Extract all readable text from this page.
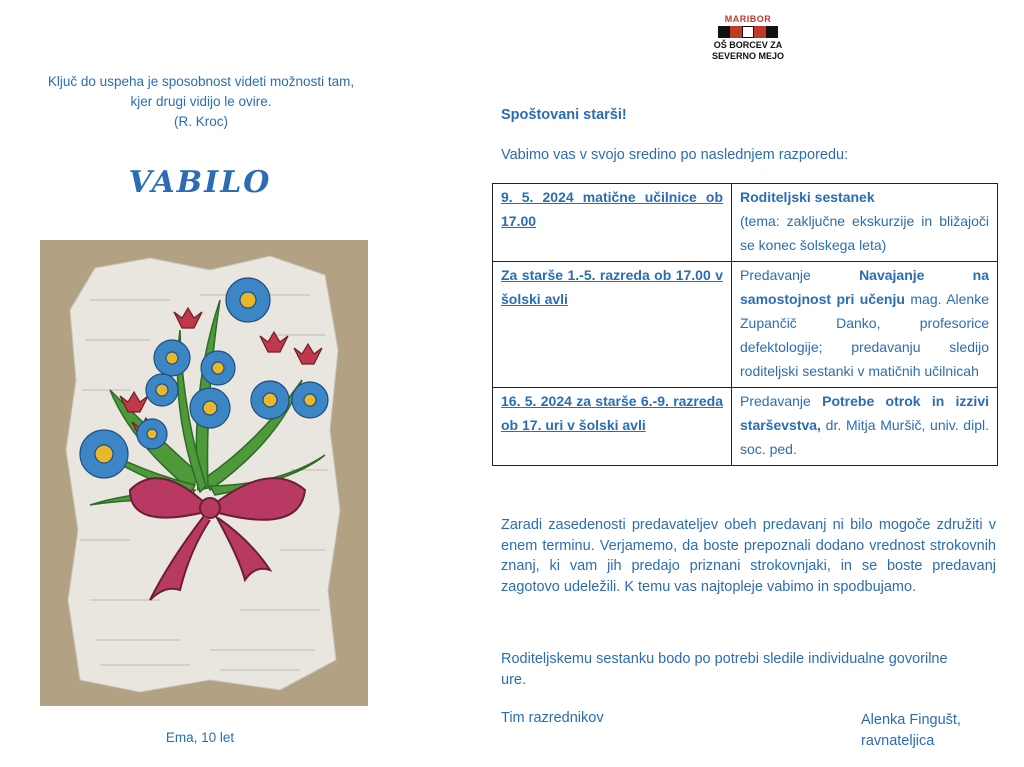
Ključ do uspeha je sposobnost videti možnosti tam,
kjer drugi vidijo le ovire.
(R. Kroc)
VABILO
Ema, 10 let
MARIBOR
OŠ BORCEV ZA
SEVERNO MEJO
Spoštovani starši!
Vabimo vas v svojo sredino po naslednjem razporedu:
9. 5. 2024 matične učilnice ob 17.00	Roditeljski sestanek
(tema: zaključne ekskurzije in bližajoči se konec šolskega leta)
Za starše 1.-5. razreda ob 17.00 v šolski avli	Predavanje Navajanje na samostojnost pri učenju mag. Alenke Zupančič Danko, profesorice defektologije; predavanju sledijo roditeljski sestanki v matičnih učilnicah
16. 5. 2024 za starše 6.-9. razreda ob 17. uri v šolski avli	Predavanje Potrebe otrok in izzivi starševstva, dr. Mitja Muršič, univ. dipl. soc. ped.
Zaradi zasedenosti predavateljev obeh predavanj ni bilo mogoče združiti v enem terminu. Verjamemo, da boste prepoznali dodano vrednost strokovnih znanj, ki vam jih predajo priznani strokovnjaki, in se boste predavanj zagotovo udeležili. K temu vas najtopleje vabimo in spodbujamo.
Roditeljskemu sestanku bodo po potrebi sledile individualne govorilne ure.
Tim razrednikov	Alenka Fingušt,
ravnateljica
